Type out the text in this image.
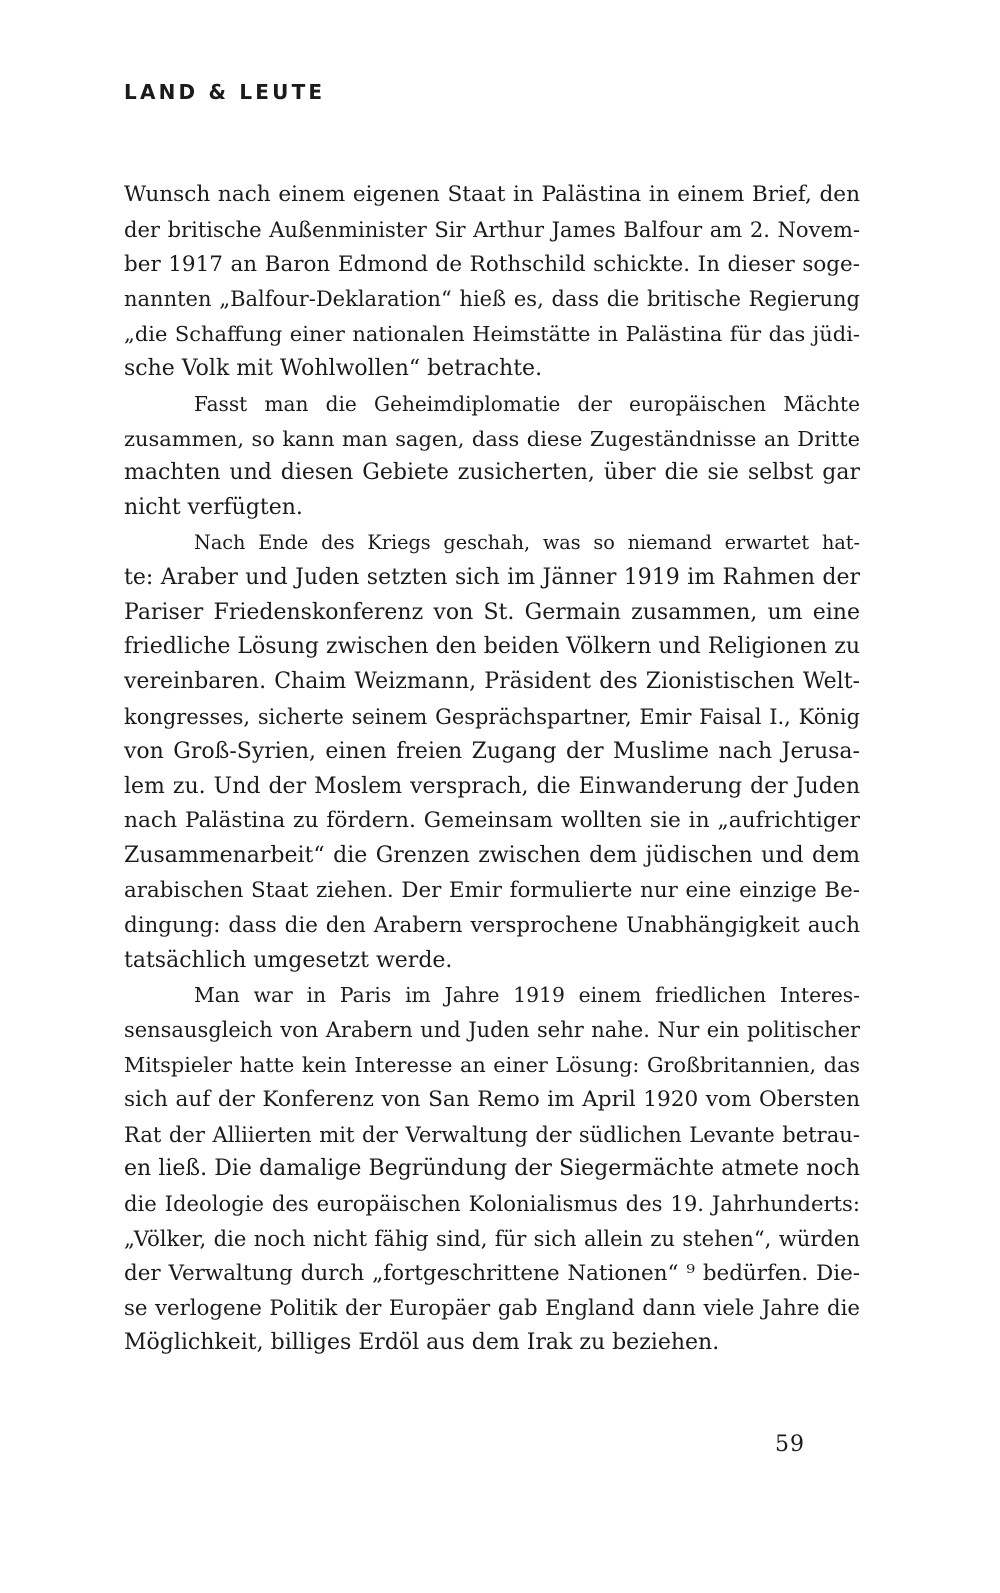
LAND & LEUTE

Wunsch nach einem eigenen Staat in Palästina in einem Brief, den
der britische Außenminister Sir Arthur James Balfour am 2. Novem-
ber 1917 an Baron Edmond de Rothschild schickte. In dieser soge-
nannten „Balfour-Deklaration“ hieß es, dass die britische Regierung
„die Schaffung einer nationalen Heimstätte in Palästina für das jüdi-
sche Volk mit Wohlwollen“ betrachte.
Fasst man die Geheimdiplomatie der europäischen Mächte
zusammen, so kann man sagen, dass diese Zugeständnisse an Dritte
machten und diesen Gebiete zusicherten, über die sie selbst gar
nicht verfügten.
Nach Ende des Kriegs geschah, was so niemand erwartet hat-
te: Araber und Juden setzten sich im Jänner 1919 im Rahmen der
Pariser Friedenskonferenz von St. Germain zusammen, um eine
friedliche Lösung zwischen den beiden Völkern und Religionen zu
vereinbaren. Chaim Weizmann, Präsident des Zionistischen Welt-
kongresses, sicherte seinem Gesprächspartner, Emir Faisal I., König
von Groß-Syrien, einen freien Zugang der Muslime nach Jerusa-
lem zu. Und der Moslem versprach, die Einwanderung der Juden
nach Palästina zu fördern. Gemeinsam wollten sie in „aufrichtiger
Zusammenarbeit“ die Grenzen zwischen dem jüdischen und dem
arabischen Staat ziehen. Der Emir formulierte nur eine einzige Be-
dingung: dass die den Arabern versprochene Unabhängigkeit auch
tatsächlich umgesetzt werde.
Man war in Paris im Jahre 1919 einem friedlichen Interes-
sensausgleich von Arabern und Juden sehr nahe. Nur ein politischer
Mitspieler hatte kein Interesse an einer Lösung: Großbritannien, das
sich auf der Konferenz von San Remo im April 1920 vom Obersten
Rat der Alliierten mit der Verwaltung der südlichen Levante betrau-
en ließ. Die damalige Begründung der Siegermächte atmete noch
die Ideologie des europäischen Kolonialismus des 19. Jahrhunderts:
„Völker, die noch nicht fähig sind, für sich allein zu stehen“, würden
der Verwaltung durch „fortgeschrittene Nationen“ ⁹ bedürfen. Die-
se verlogene Politik der Europäer gab England dann viele Jahre die
Möglichkeit, billiges Erdöl aus dem Irak zu beziehen.

59
